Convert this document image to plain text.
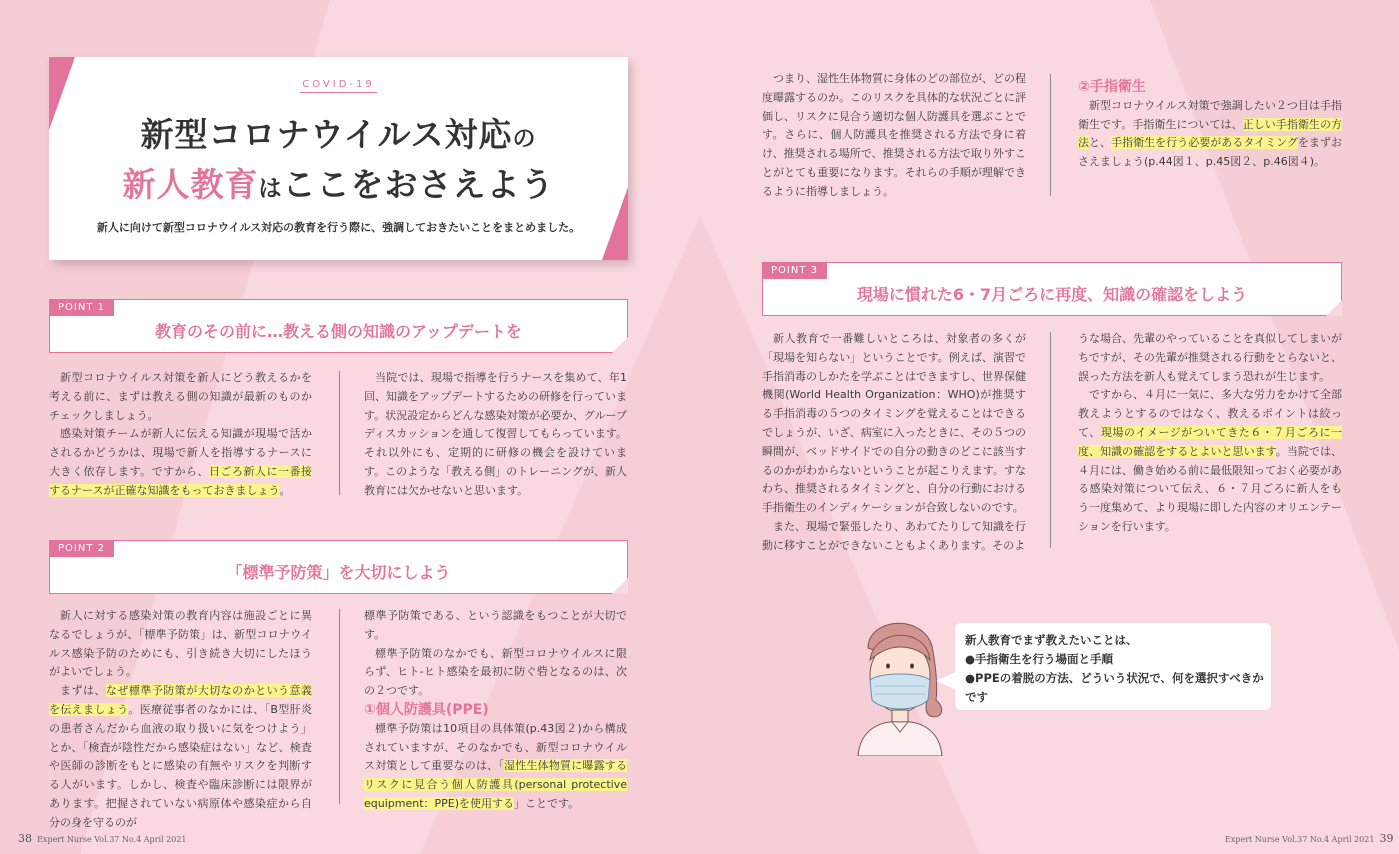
COVID-19
新型コロナウイルス対応の
新人教育はここをおさえよう
新人に向けて新型コロナウイルス対応の教育を行う際に、強調しておきたいことをまとめました。
POINT 1
教育のその前に…教える側の知識のアップデートを

新型コロナウイルス対策を新人にどう教えるかを考える前に、まずは教える側の知識が最新のものかチェックしましょう。

感染対策チームが新人に伝える知識が現場で活かされるかどうかは、現場で新人を指導するナースに大きく依存します。ですから、日ごろ新人に一番接するナースが正確な知識をもっておきましょう。

当院では、現場で指導を行うナースを集めて、年1回、知識をアップデートするための研修を行っています。状況設定からどんな感染対策が必要か、グループディスカッションを通して復習してもらっています。それ以外にも、定期的に研修の機会を設けています。このような「教える側」のトレーニングが、新人教育には欠かせないと思います。

POINT 2
「標準予防策」を大切にしよう

新人に対する感染対策の教育内容は施設ごとに異なるでしょうが、「標準予防策」は、新型コロナウイルス感染予防のためにも、引き続き大切にしたほうがよいでしょう。

まずは、なぜ標準予防策が大切なのかという意義を伝えましょう。医療従事者のなかには、「B型肝炎の患者さんだから血液の取り扱いに気をつけよう」とか、「検査が陰性だから感染症はない」など、検査や医師の診断をもとに感染の有無やリスクを判断する人がいます。しかし、検査や臨床診断には限界があります。把握されていない病原体や感染症から自分の身を守るのが

標準予防策である、という認識をもつことが大切です。

標準予防策のなかでも、新型コロナウイルスに限らず、ヒト-ヒト感染を最初に防ぐ砦となるのは、次の２つです。

①個人防護具(PPE)

標準予防策は10項目の具体策(p.43図２)から構成されていますが、そのなかでも、新型コロナウイルス対策として重要なのは、「湿性生体物質に曝露するリスクに見合う個人防護具(personal protective equipment：PPE)を使用する」ことです。

つまり、湿性生体物質に身体のどの部位が、どの程度曝露するのか。このリスクを具体的な状況ごとに評価し、リスクに見合う適切な個人防護具を選ぶことです。さらに、個人防護具を推奨される方法で身に着け、推奨される場所で、推奨される方法で取り外すことがとても重要になります。それらの手順が理解できるように指導しましょう。

②手指衛生

新型コロナウイルス対策で強調したい２つ目は手指衛生です。手指衛生については、正しい手指衛生の方法と、手指衛生を行う必要があるタイミングをまずおさえましょう(p.44図１、p.45図２、p.46図４)。

POINT 3
現場に慣れた6・7月ごろに再度、知識の確認をしよう

新人教育で一番難しいところは、対象者の多くが「現場を知らない」ということです。例えば、演習で手指消毒のしかたを学ぶことはできますし、世界保健機関(World Health Organization：WHO)が推奨する手指消毒の５つのタイミングを覚えることはできるでしょうが、いざ、病室に入ったときに、その５つの瞬間が、ベッドサイドでの自分の動きのどこに該当するのかがわからないということが起こりえます。すなわち、推奨されるタイミングと、自分の行動における手指衛生のインディケーションが合致しないのです。

また、現場で緊張したり、あわてたりして知識を行動に移すことができないこともよくあります。そのよ

うな場合、先輩のやっていることを真似してしまいがちですが、その先輩が推奨される行動をとらないと、誤った方法を新人も覚えてしまう恐れが生じます。

ですから、４月に一気に、多大な労力をかけて全部教えようとするのではなく、教えるポイントは絞って、現場のイメージがついてきた６・７月ごろに一度、知識の確認をするとよいと思います。当院では、４月には、働き始める前に最低限知っておく必要がある感染対策について伝え、６・７月ごろに新人をもう一度集めて、より現場に即した内容のオリエンテーションを行います。

新人教育でまず教えたいことは、
●手指衛生を行う場面と手順
●PPEの着脱の方法、どういう状況で、何を選択すべきかです
38 Expert Nurse Vol.37 No.4 April 2021	Expert Nurse Vol.37 No.4 April 2021 39
